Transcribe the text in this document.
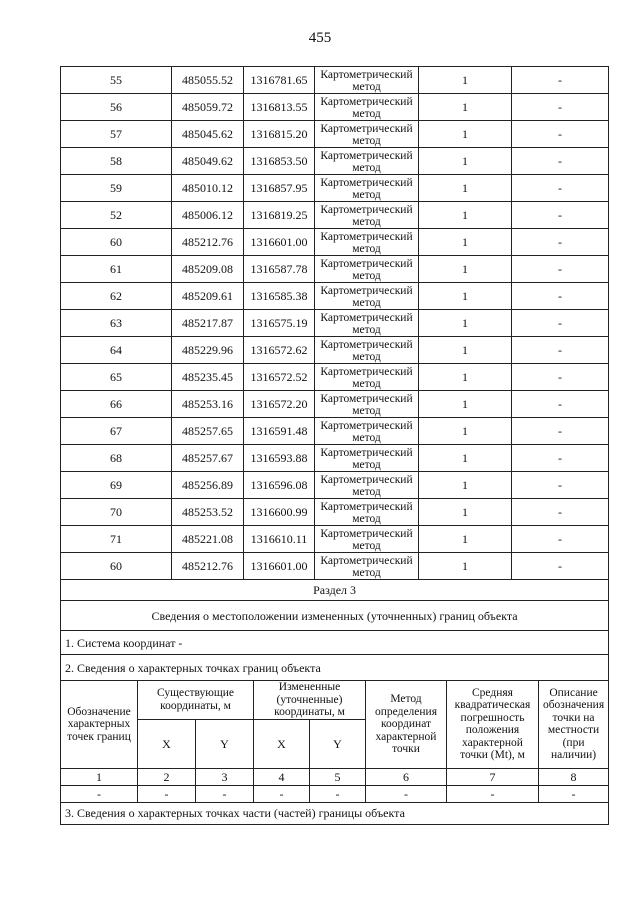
455
55	485055.52	1316781.65	Картометрический метод	1	-
56	485059.72	1316813.55	Картометрический метод	1	-
57	485045.62	1316815.20	Картометрический метод	1	-
58	485049.62	1316853.50	Картометрический метод	1	-
59	485010.12	1316857.95	Картометрический метод	1	-
52	485006.12	1316819.25	Картометрический метод	1	-
60	485212.76	1316601.00	Картометрический метод	1	-
61	485209.08	1316587.78	Картометрический метод	1	-
62	485209.61	1316585.38	Картометрический метод	1	-
63	485217.87	1316575.19	Картометрический метод	1	-
64	485229.96	1316572.62	Картометрический метод	1	-
65	485235.45	1316572.52	Картометрический метод	1	-
66	485253.16	1316572.20	Картометрический метод	1	-
67	485257.65	1316591.48	Картометрический метод	1	-
68	485257.67	1316593.88	Картометрический метод	1	-
69	485256.89	1316596.08	Картометрический метод	1	-
70	485253.52	1316600.99	Картометрический метод	1	-
71	485221.08	1316610.11	Картометрический метод	1	-
60	485212.76	1316601.00	Картометрический метод	1	-
Раздел 3							
Сведения о местоположении измененных (уточненных) границ объекта							
1. Система координат -							
2. Сведения о характерных точках границ объекта							
Обозначение характерных точек границ	Существующие координаты, м		Измененные (уточненные) координаты, м		Метод определения координат характерной точки	Средняя квадратическая погрешность положения характерной точки (Mt), м	Описание обозначения точки на местности (при наличии)
	X	Y	X	Y			
1	2	3	4	5	6	7	8
-	-	-	-	-	-	-	-
3. Сведения о характерных точках части (частей) границы объекта							
